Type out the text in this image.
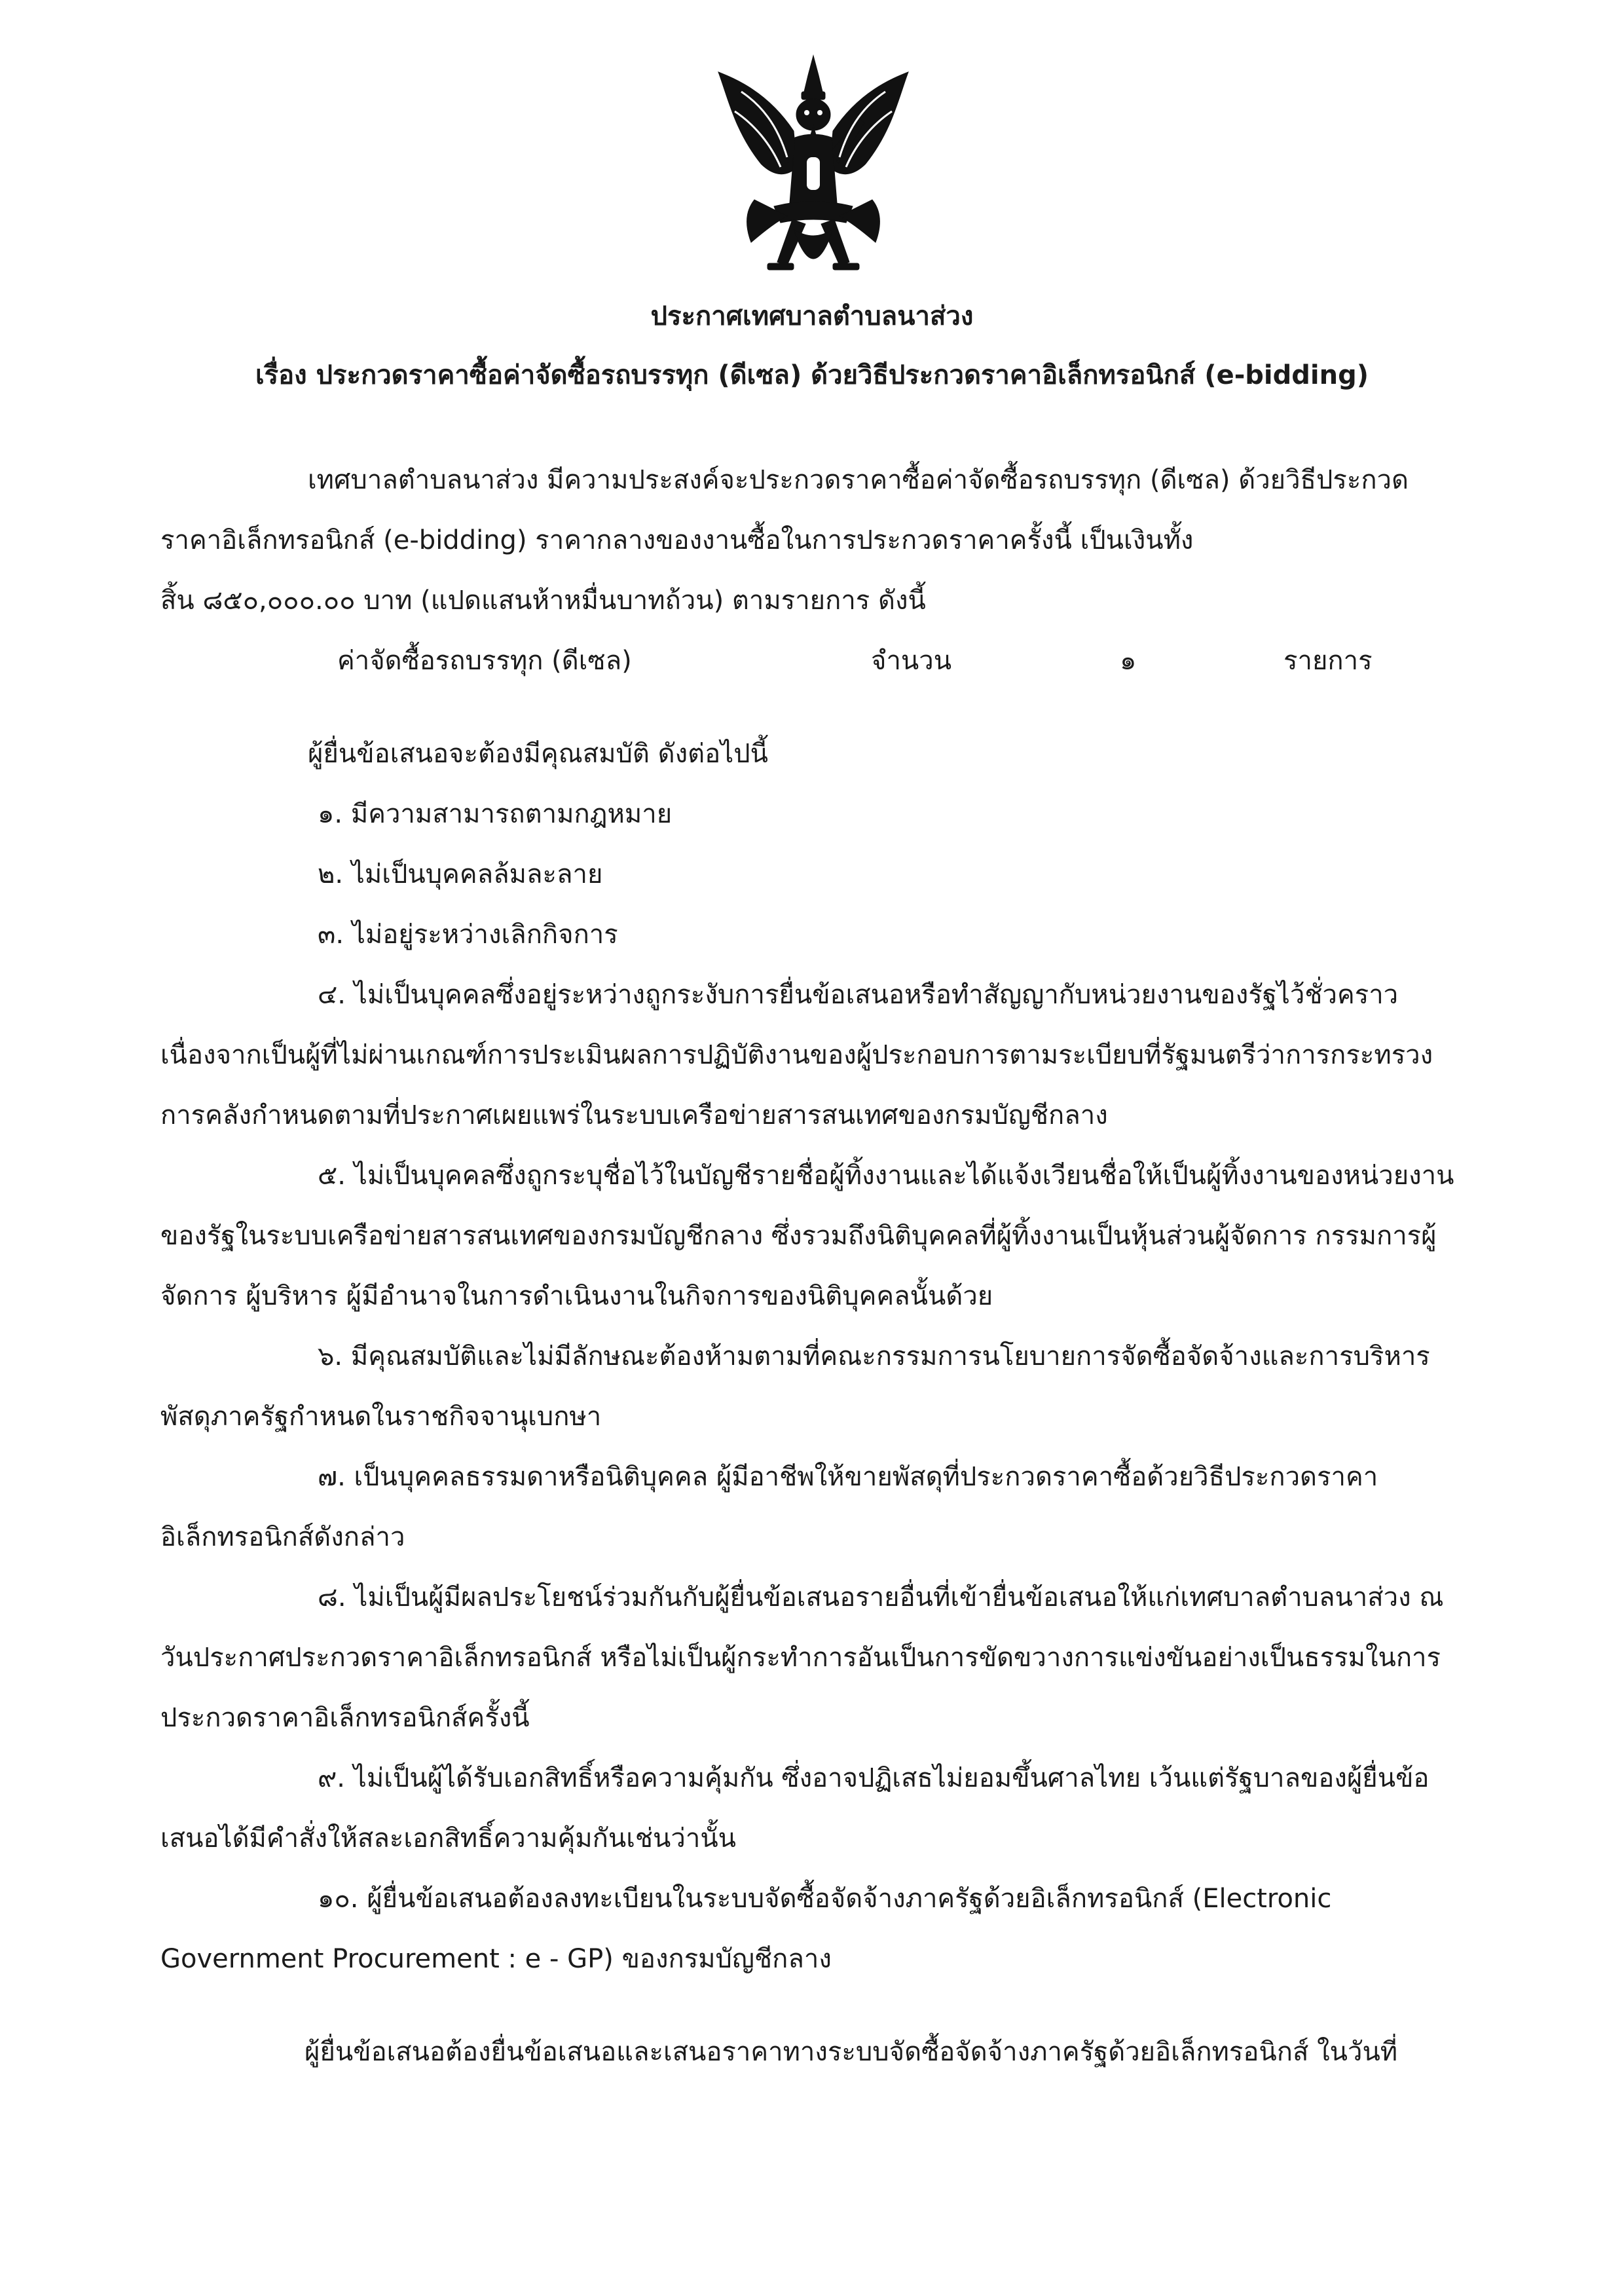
ประกาศเทศบาลตำบลนาส่วง
เรื่อง ประกวดราคาซื้อค่าจัดซื้อรถบรรทุก (ดีเซล) ด้วยวิธีประกวดราคาอิเล็กทรอนิกส์ (e-bidding)
เทศบาลตำบลนาส่วง มีความประสงค์จะประกวดราคาซื้อค่าจัดซื้อรถบรรทุก (ดีเซล) ด้วยวิธีประกวด
ราคาอิเล็กทรอนิกส์ (e-bidding) ราคากลางของงานซื้อในการประกวดราคาครั้งนี้ เป็นเงินทั้ง
สิ้น ๘๕๐,๐๐๐.๐๐ บาท (แปดแสนห้าหมื่นบาทถ้วน) ตามรายการ ดังนี้
ค่าจัดซื้อรถบรรทุก (ดีเซล)	จำนวน	๑	รายการ
ผู้ยื่นข้อเสนอจะต้องมีคุณสมบัติ ดังต่อไปนี้
๑. มีความสามารถตามกฎหมาย
๒. ไม่เป็นบุคคลล้มละลาย
๓. ไม่อยู่ระหว่างเลิกกิจการ
๔. ไม่เป็นบุคคลซึ่งอยู่ระหว่างถูกระงับการยื่นข้อเสนอหรือทำสัญญากับหน่วยงานของรัฐไว้ชั่วคราว
เนื่องจากเป็นผู้ที่ไม่ผ่านเกณฑ์การประเมินผลการปฏิบัติงานของผู้ประกอบการตามระเบียบที่รัฐมนตรีว่าการกระทรวง
การคลังกำหนดตามที่ประกาศเผยแพร่ในระบบเครือข่ายสารสนเทศของกรมบัญชีกลาง
๕. ไม่เป็นบุคคลซึ่งถูกระบุชื่อไว้ในบัญชีรายชื่อผู้ทิ้งงานและได้แจ้งเวียนชื่อให้เป็นผู้ทิ้งงานของหน่วยงาน
ของรัฐในระบบเครือข่ายสารสนเทศของกรมบัญชีกลาง ซึ่งรวมถึงนิติบุคคลที่ผู้ทิ้งงานเป็นหุ้นส่วนผู้จัดการ กรรมการผู้
จัดการ ผู้บริหาร ผู้มีอำนาจในการดำเนินงานในกิจการของนิติบุคคลนั้นด้วย
๖. มีคุณสมบัติและไม่มีลักษณะต้องห้ามตามที่คณะกรรมการนโยบายการจัดซื้อจัดจ้างและการบริหาร
พัสดุภาครัฐกำหนดในราชกิจจานุเบกษา
๗. เป็นบุคคลธรรมดาหรือนิติบุคคล ผู้มีอาชีพให้ขายพัสดุที่ประกวดราคาซื้อด้วยวิธีประกวดราคา
อิเล็กทรอนิกส์ดังกล่าว
๘. ไม่เป็นผู้มีผลประโยชน์ร่วมกันกับผู้ยื่นข้อเสนอรายอื่นที่เข้ายื่นข้อเสนอให้แก่เทศบาลตำบลนาส่วง ณ
วันประกาศประกวดราคาอิเล็กทรอนิกส์ หรือไม่เป็นผู้กระทำการอันเป็นการขัดขวางการแข่งขันอย่างเป็นธรรมในการ
ประกวดราคาอิเล็กทรอนิกส์ครั้งนี้
๙. ไม่เป็นผู้ได้รับเอกสิทธิ์หรือความคุ้มกัน ซึ่งอาจปฏิเสธไม่ยอมขึ้นศาลไทย เว้นแต่รัฐบาลของผู้ยื่นข้อ
เสนอได้มีคำสั่งให้สละเอกสิทธิ์ความคุ้มกันเช่นว่านั้น
๑๐. ผู้ยื่นข้อเสนอต้องลงทะเบียนในระบบจัดซื้อจัดจ้างภาครัฐด้วยอิเล็กทรอนิกส์ (Electronic
Government Procurement : e - GP) ของกรมบัญชีกลาง
ผู้ยื่นข้อเสนอต้องยื่นข้อเสนอและเสนอราคาทางระบบจัดซื้อจัดจ้างภาครัฐด้วยอิเล็กทรอนิกส์ ในวันที่
